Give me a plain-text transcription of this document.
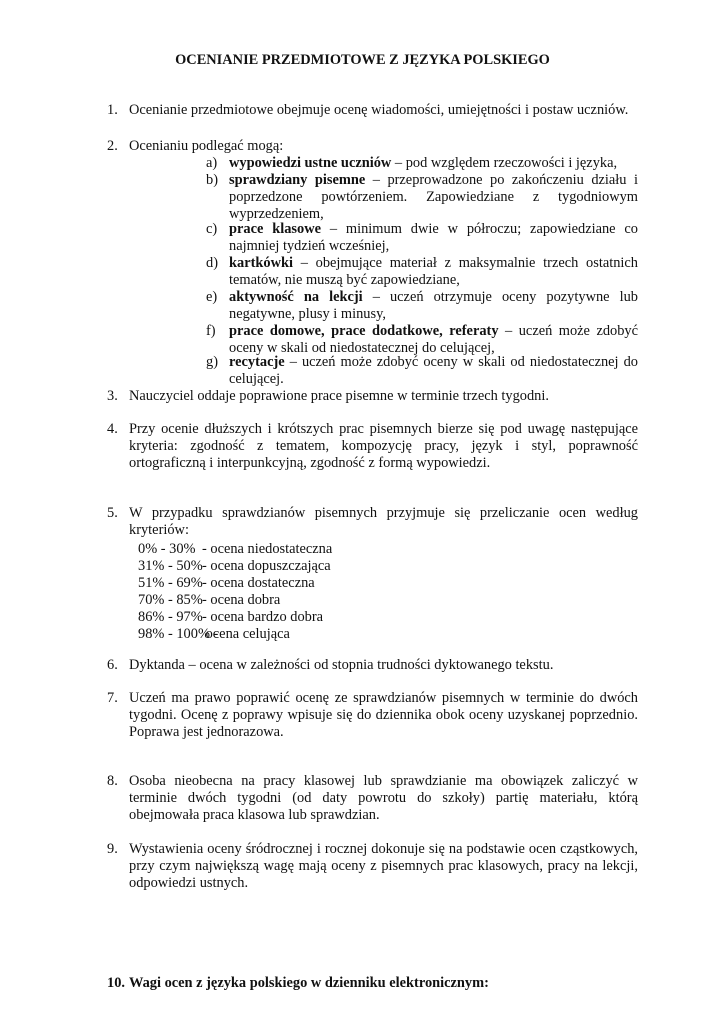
OCENIANIE PRZEDMIOTOWE Z JĘZYKA POLSKIEGO
1. Ocenianie przedmiotowe obejmuje ocenę wiadomości, umiejętności i postaw uczniów.
2. Ocenianiu podlegać mogą:
a) wypowiedzi ustne uczniów – pod względem rzeczowości i języka,
b) sprawdziany pisemne – przeprowadzone po zakończeniu działu i poprzedzone powtórzeniem. Zapowiedziane z tygodniowym wyprzedzeniem,
c) prace klasowe – minimum dwie w półroczu; zapowiedziane co najmniej tydzień wcześniej,
d) kartkówki – obejmujące materiał z maksymalnie trzech ostatnich tematów, nie muszą być zapowiedziane,
e) aktywność na lekcji – uczeń otrzymuje oceny pozytywne lub negatywne, plusy i minusy,
f) prace domowe, prace dodatkowe, referaty – uczeń może zdobyć oceny w skali od niedostatecznej do celującej,
g) recytacje – uczeń może zdobyć oceny w skali od niedostatecznej do celującej.
3. Nauczyciel oddaje poprawione prace pisemne w terminie trzech tygodni.
4. Przy ocenie dłuższych i krótszych prac pisemnych bierze się pod uwagę następujące kryteria: zgodność z tematem, kompozycję pracy, język i styl, poprawność ortograficzną i interpunkcyjną, zgodność z formą wypowiedzi.
5. W przypadku sprawdzianów pisemnych przyjmuje się przeliczanie ocen według kryteriów:
0% - 30% - ocena niedostateczna
31% - 50%- ocena dopuszczająca
51% - 69%- ocena dostateczna
70% - 85%- ocena dobra
86% - 97%- ocena bardzo dobra
98% - 100% - ocena celująca
6. Dyktanda – ocena w zależności od stopnia trudności dyktowanego tekstu.
7. Uczeń ma prawo poprawić ocenę ze sprawdzianów pisemnych w terminie do dwóch tygodni. Ocenę z poprawy wpisuje się do dziennika obok oceny uzyskanej poprzednio. Poprawa jest jednorazowa.
8. Osoba nieobecna na pracy klasowej lub sprawdzianie ma obowiązek zaliczyć w terminie dwóch tygodni (od daty powrotu do szkoły) partię materiału, którą obejmowała praca klasowa lub sprawdzian.
9. Wystawienia oceny śródrocznej i rocznej dokonuje się na podstawie ocen cząstkowych, przy czym największą wagę mają oceny z pisemnych prac klasowych, pracy na lekcji, odpowiedzi ustnych.
10. Wagi ocen z języka polskiego w dzienniku elektronicznym:
